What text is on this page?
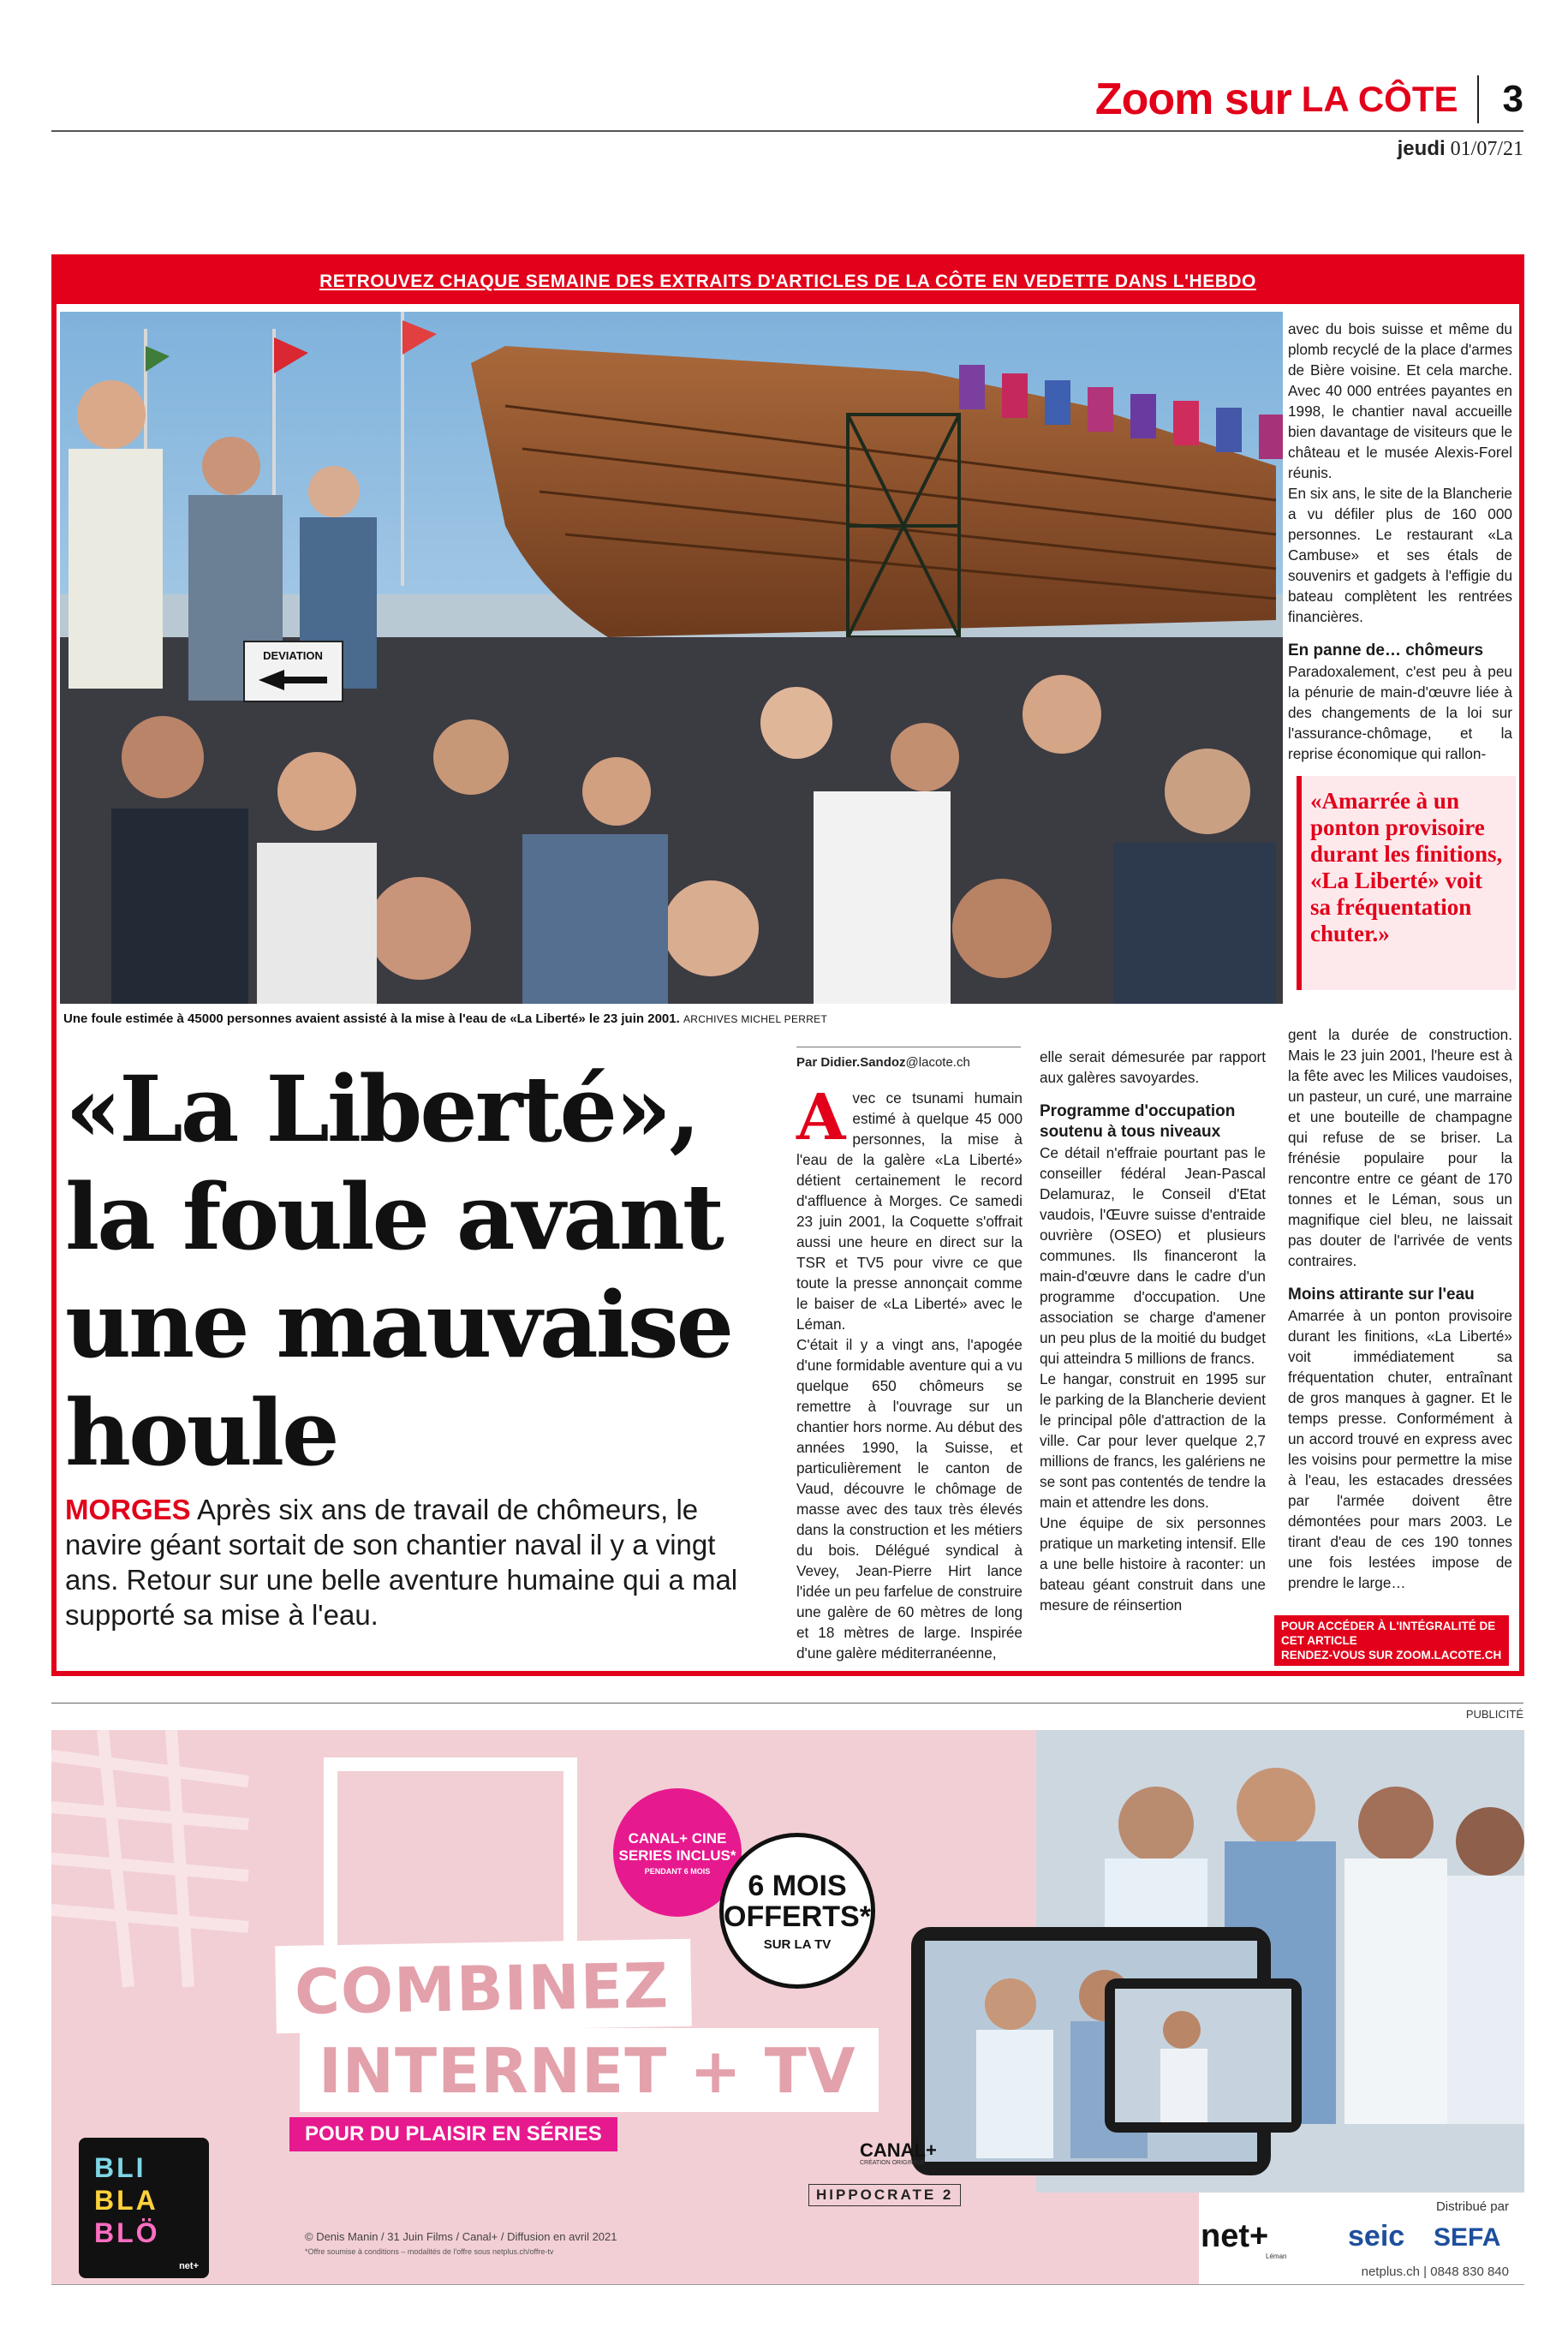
Zoom sur LA CÔTE 3
jeudi 01/07/21
RETROUVEZ CHAQUE SEMAINE DES EXTRAITS D'ARTICLES DE LA CÔTE EN VEDETTE DANS L'HEBDO
DEVIATION
Une foule estimée à 45000 personnes avaient assisté à la mise à l'eau de «La Liberté» le 23 juin 2001. ARCHIVES MICHEL PERRET

avec du bois suisse et même du plomb recyclé de la place d'armes de Bière voisine. Et cela marche. Avec 40 000 entrées payantes en 1998, le chantier naval accueille bien davantage de visiteurs que le château et le musée Alexis-Forel réunis.

En six ans, le site de la Blancherie a vu défiler plus de 160 000 personnes. Le restaurant «La Cambuse» et ses étals de souvenirs et gadgets à l'effigie du bateau complètent les rentrées financières.

En panne de… chômeurs

Paradoxalement, c'est peu à peu la pénurie de main-d'œuvre liée à des changements de la loi sur l'assurance-chômage, et la reprise économique qui rallon-

«Amarrée à un ponton provisoire durant les finitions, «La Liberté» voit sa fréquentation chuter.»
«La Liberté», la foule avant une mauvaise houle
MORGES Après six ans de travail de chômeurs, le navire géant sortait de son chantier naval il y a vingt ans. Retour sur une belle aventure humaine qui a mal supporté sa mise à l'eau.
Par Didier.Sandoz@lacote.ch

Avec ce tsunami humain estimé à quelque 45 000 personnes, la mise à l'eau de la galère «La Liberté» détient certainement le record d'affluence à Morges. Ce samedi 23 juin 2001, la Coquette s'offrait aussi une heure en direct sur la TSR et TV5 pour vivre ce que toute la presse annonçait comme le baiser de «La Liberté» avec le Léman.

C'était il y a vingt ans, l'apogée d'une formidable aventure qui a vu quelque 650 chômeurs se remettre à l'ouvrage sur un chantier hors norme. Au début des années 1990, la Suisse, et particulièrement le canton de Vaud, découvre le chômage de masse avec des taux très élevés dans la construction et les métiers du bois. Délégué syndical à Vevey, Jean-Pierre Hirt lance l'idée un peu farfelue de construire une galère de 60 mètres de long et 18 mètres de large. Inspirée d'une galère méditerranéenne,

elle serait démesurée par rapport aux galères savoyardes.

Programme d'occupation soutenu à tous niveaux

Ce détail n'effraie pourtant pas le conseiller fédéral Jean-Pascal Delamuraz, le Conseil d'Etat vaudois, l'Œuvre suisse d'entraide ouvrière (OSEO) et plusieurs communes. Ils financeront la main-d'œuvre dans le cadre d'un programme d'occupation. Une association se charge d'amener un peu plus de la moitié du budget qui atteindra 5 millions de francs.

Le hangar, construit en 1995 sur le parking de la Blancherie devient le principal pôle d'attraction de la ville. Car pour lever quelque 2,7 millions de francs, les galériens ne se sont pas contentés de tendre la main et attendre les dons.

Une équipe de six personnes pratique un marketing intensif. Elle a une belle histoire à raconter: un bateau géant construit dans une mesure de réinsertion

gent la durée de construction. Mais le 23 juin 2001, l'heure est à la fête avec les Milices vaudoises, un pasteur, un curé, une marraine et une bouteille de champagne qui refuse de se briser. La frénésie populaire pour la rencontre entre ce géant de 170 tonnes et le Léman, sous un magnifique ciel bleu, ne laissait pas douter de l'arrivée de vents contraires.

Moins attirante sur l'eau

Amarrée à un ponton provisoire durant les finitions, «La Liberté» voit immédiatement sa fréquentation chuter, entraînant de gros manques à gagner. Et le temps presse. Conformément à un accord trouvé en express avec les voisins pour permettre la mise à l'eau, les estacades dressées par l'armée doivent être démontées pour mars 2003. Le tirant d'eau de ces 190 tonnes une fois lestées impose de prendre le large…

POUR ACCÉDER À L'INTÉGRALITÉ DE CET ARTICLE
RENDEZ-VOUS SUR ZOOM.LACOTE.CH
PUBLICITÉ
CANAL+ CINE SERIES INCLUS*
PENDANT 6 MOIS	6 MOIS OFFERTS*
SUR LA TV
COMBINEZ
INTERNET + TV
POUR DU PLAISIR EN SÉRIES
CANAL+
CRÉATION ORIGINALE
HIPPOCRATE 2
© Denis Manin / 31 Juin Films / Canal+ / Diffusion en avril 2021
*Offre soumise à conditions – modalités de l'offre sous netplus.ch/offre-tv
BLI
BLA
BLÖ
net+
Distribué par
net+
Léman
seic SEFA
netplus.ch | 0848 830 840
